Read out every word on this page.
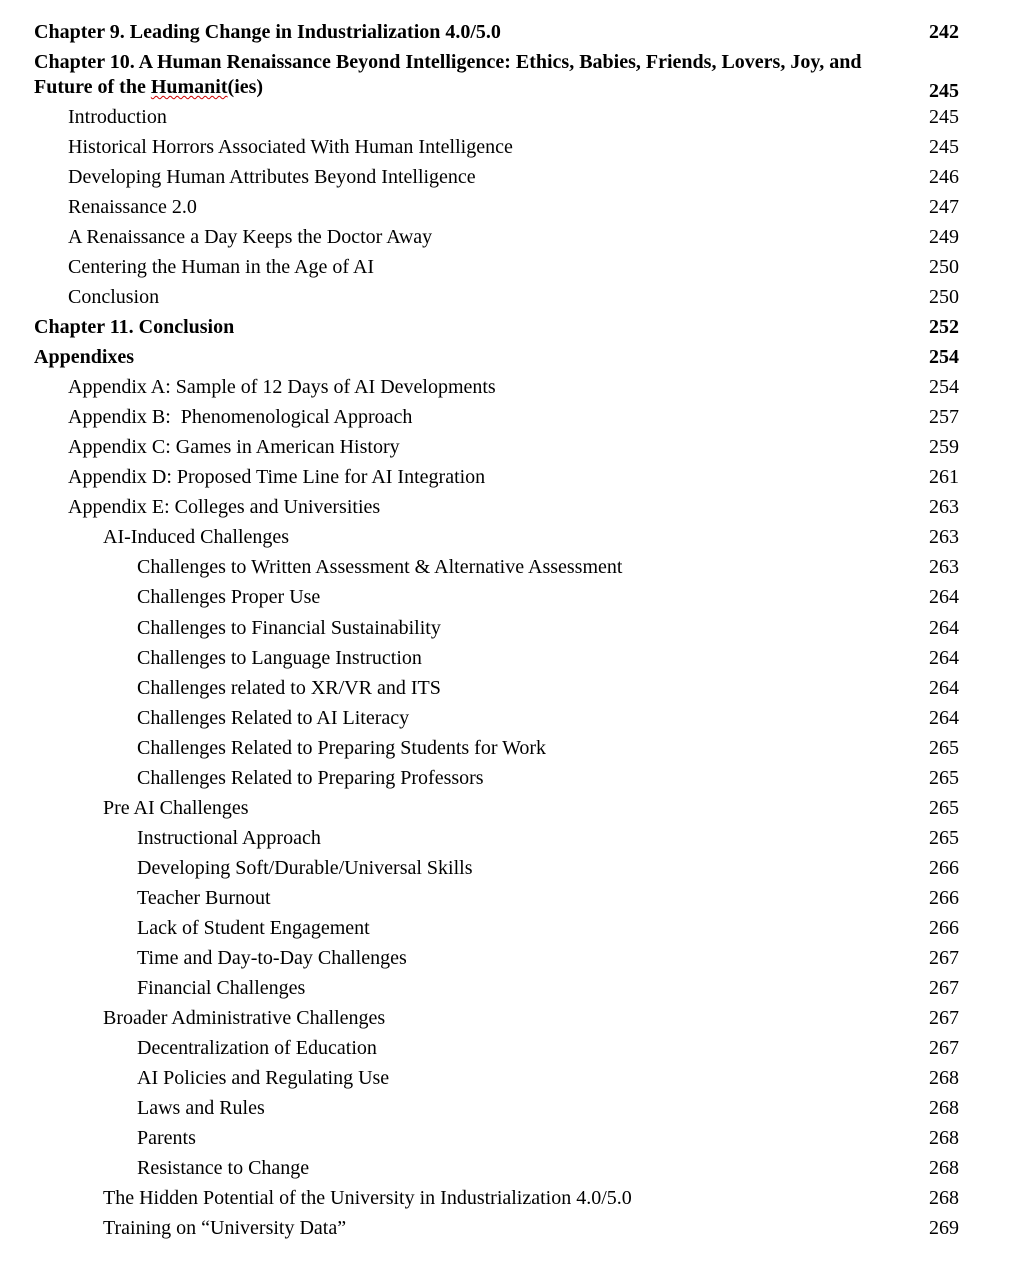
Chapter 9. Leading Change in Industrialization 4.0/5.0	242
Chapter 10. A Human Renaissance Beyond Intelligence: Ethics, Babies, Friends, Lovers, Joy, and Future of the Humanit(ies)	245
Introduction	245
Historical Horrors Associated With Human Intelligence	245
Developing Human Attributes Beyond Intelligence	246
Renaissance 2.0	247
A Renaissance a Day Keeps the Doctor Away	249
Centering the Human in the Age of AI	250
Conclusion	250
Chapter 11. Conclusion	252
Appendixes	254
Appendix A: Sample of 12 Days of AI Developments	254
Appendix B:  Phenomenological Approach	257
Appendix C: Games in American History	259
Appendix D: Proposed Time Line for AI Integration	261
Appendix E: Colleges and Universities	263
AI-Induced Challenges	263
Challenges to Written Assessment & Alternative Assessment	263
Challenges Proper Use	264
Challenges to Financial Sustainability	264
Challenges to Language Instruction	264
Challenges related to XR/VR and ITS	264
Challenges Related to AI Literacy	264
Challenges Related to Preparing Students for Work	265
Challenges Related to Preparing Professors	265
Pre AI Challenges	265
Instructional Approach	265
Developing Soft/Durable/Universal Skills	266
Teacher Burnout	266
Lack of Student Engagement	266
Time and Day-to-Day Challenges	267
Financial Challenges	267
Broader Administrative Challenges	267
Decentralization of Education	267
AI Policies and Regulating Use	268
Laws and Rules	268
Parents	268
Resistance to Change	268
The Hidden Potential of the University in Industrialization 4.0/5.0	268
Training on “University Data”	269
